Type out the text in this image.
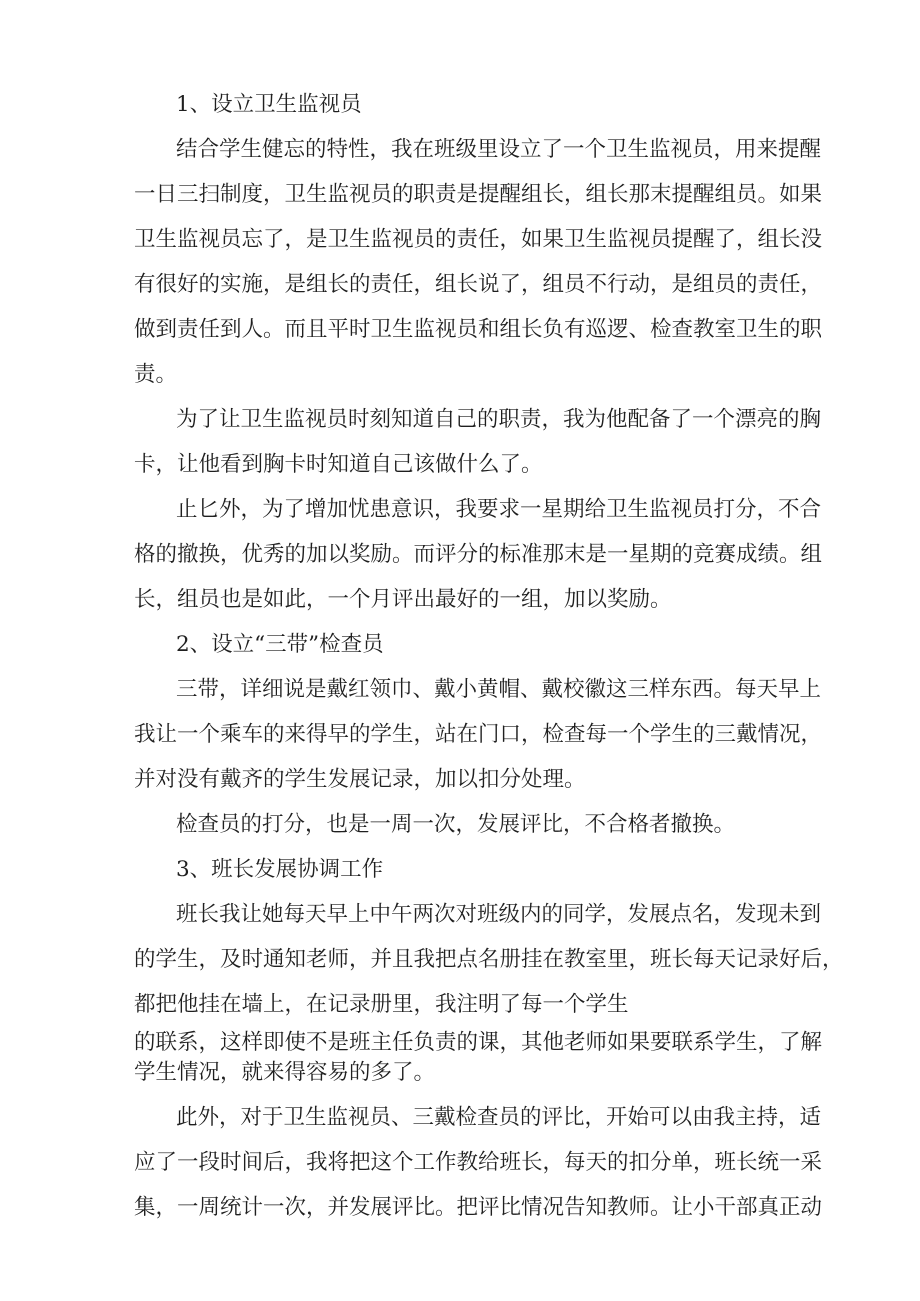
1、设立卫生监视员
结合学生健忘的特性，我在班级里设立了一个卫生监视员，用来提醒
一日三扫制度，卫生监视员的职责是提醒组长，组长那末提醒组员。如果
卫生监视员忘了，是卫生监视员的责任，如果卫生监视员提醒了，组长没
有很好的实施，是组长的责任，组长说了，组员不行动，是组员的责任，
做到责任到人。而且平时卫生监视员和组长负有巡逻、检查教室卫生的职
责。
为了让卫生监视员时刻知道自己的职责，我为他配备了一个漂亮的胸
卡，让他看到胸卡时知道自己该做什么了。
止匕外，为了增加忧患意识，我要求一星期给卫生监视员打分，不合
格的撤换，优秀的加以奖励。而评分的标准那末是一星期的竞赛成绩。组
长，组员也是如此，一个月评出最好的一组，加以奖励。
2、设立“三带”检查员
三带，详细说是戴红领巾、戴小黄帽、戴校徽这三样东西。每天早上
我让一个乘车的来得早的学生，站在门口，检查每一个学生的三戴情况，
并对没有戴齐的学生发展记录，加以扣分处理。
检查员的打分，也是一周一次，发展评比，不合格者撤换。
3、班长发展协调工作
班长我让她每天早上中午两次对班级内的同学，发展点名，发现未到
的学生，及时通知老师，并且我把点名册挂在教室里，班长每天记录好后，
都把他挂在墙上，在记录册里，我注明了每一个学生
的联系，这样即使不是班主任负责的课，其他老师如果要联系学生，了解
学生情况，就来得容易的多了。
此外，对于卫生监视员、三戴检查员的评比，开始可以由我主持，适
应了一段时间后，我将把这个工作教给班长，每天的扣分单，班长统一采
集，一周统计一次，并发展评比。把评比情况告知教师。让小干部真正动
